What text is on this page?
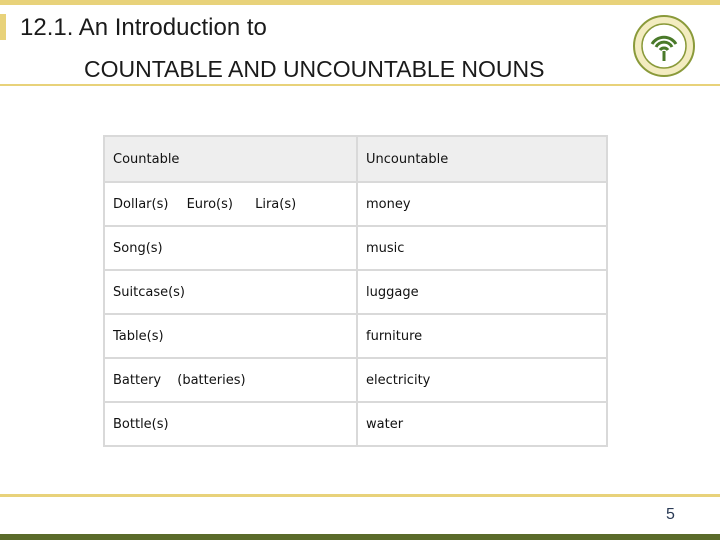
12.1. An Introduction to
COUNTABLE AND UNCOUNTABLE NOUNS
Countable	Uncountable
Dollar(s) Euro(s) Lira(s)	money
Song(s)	music
Suitcase(s)	luggage
Table(s)	furniture
Battery (batteries)	electricity
Bottle(s)	water
5
